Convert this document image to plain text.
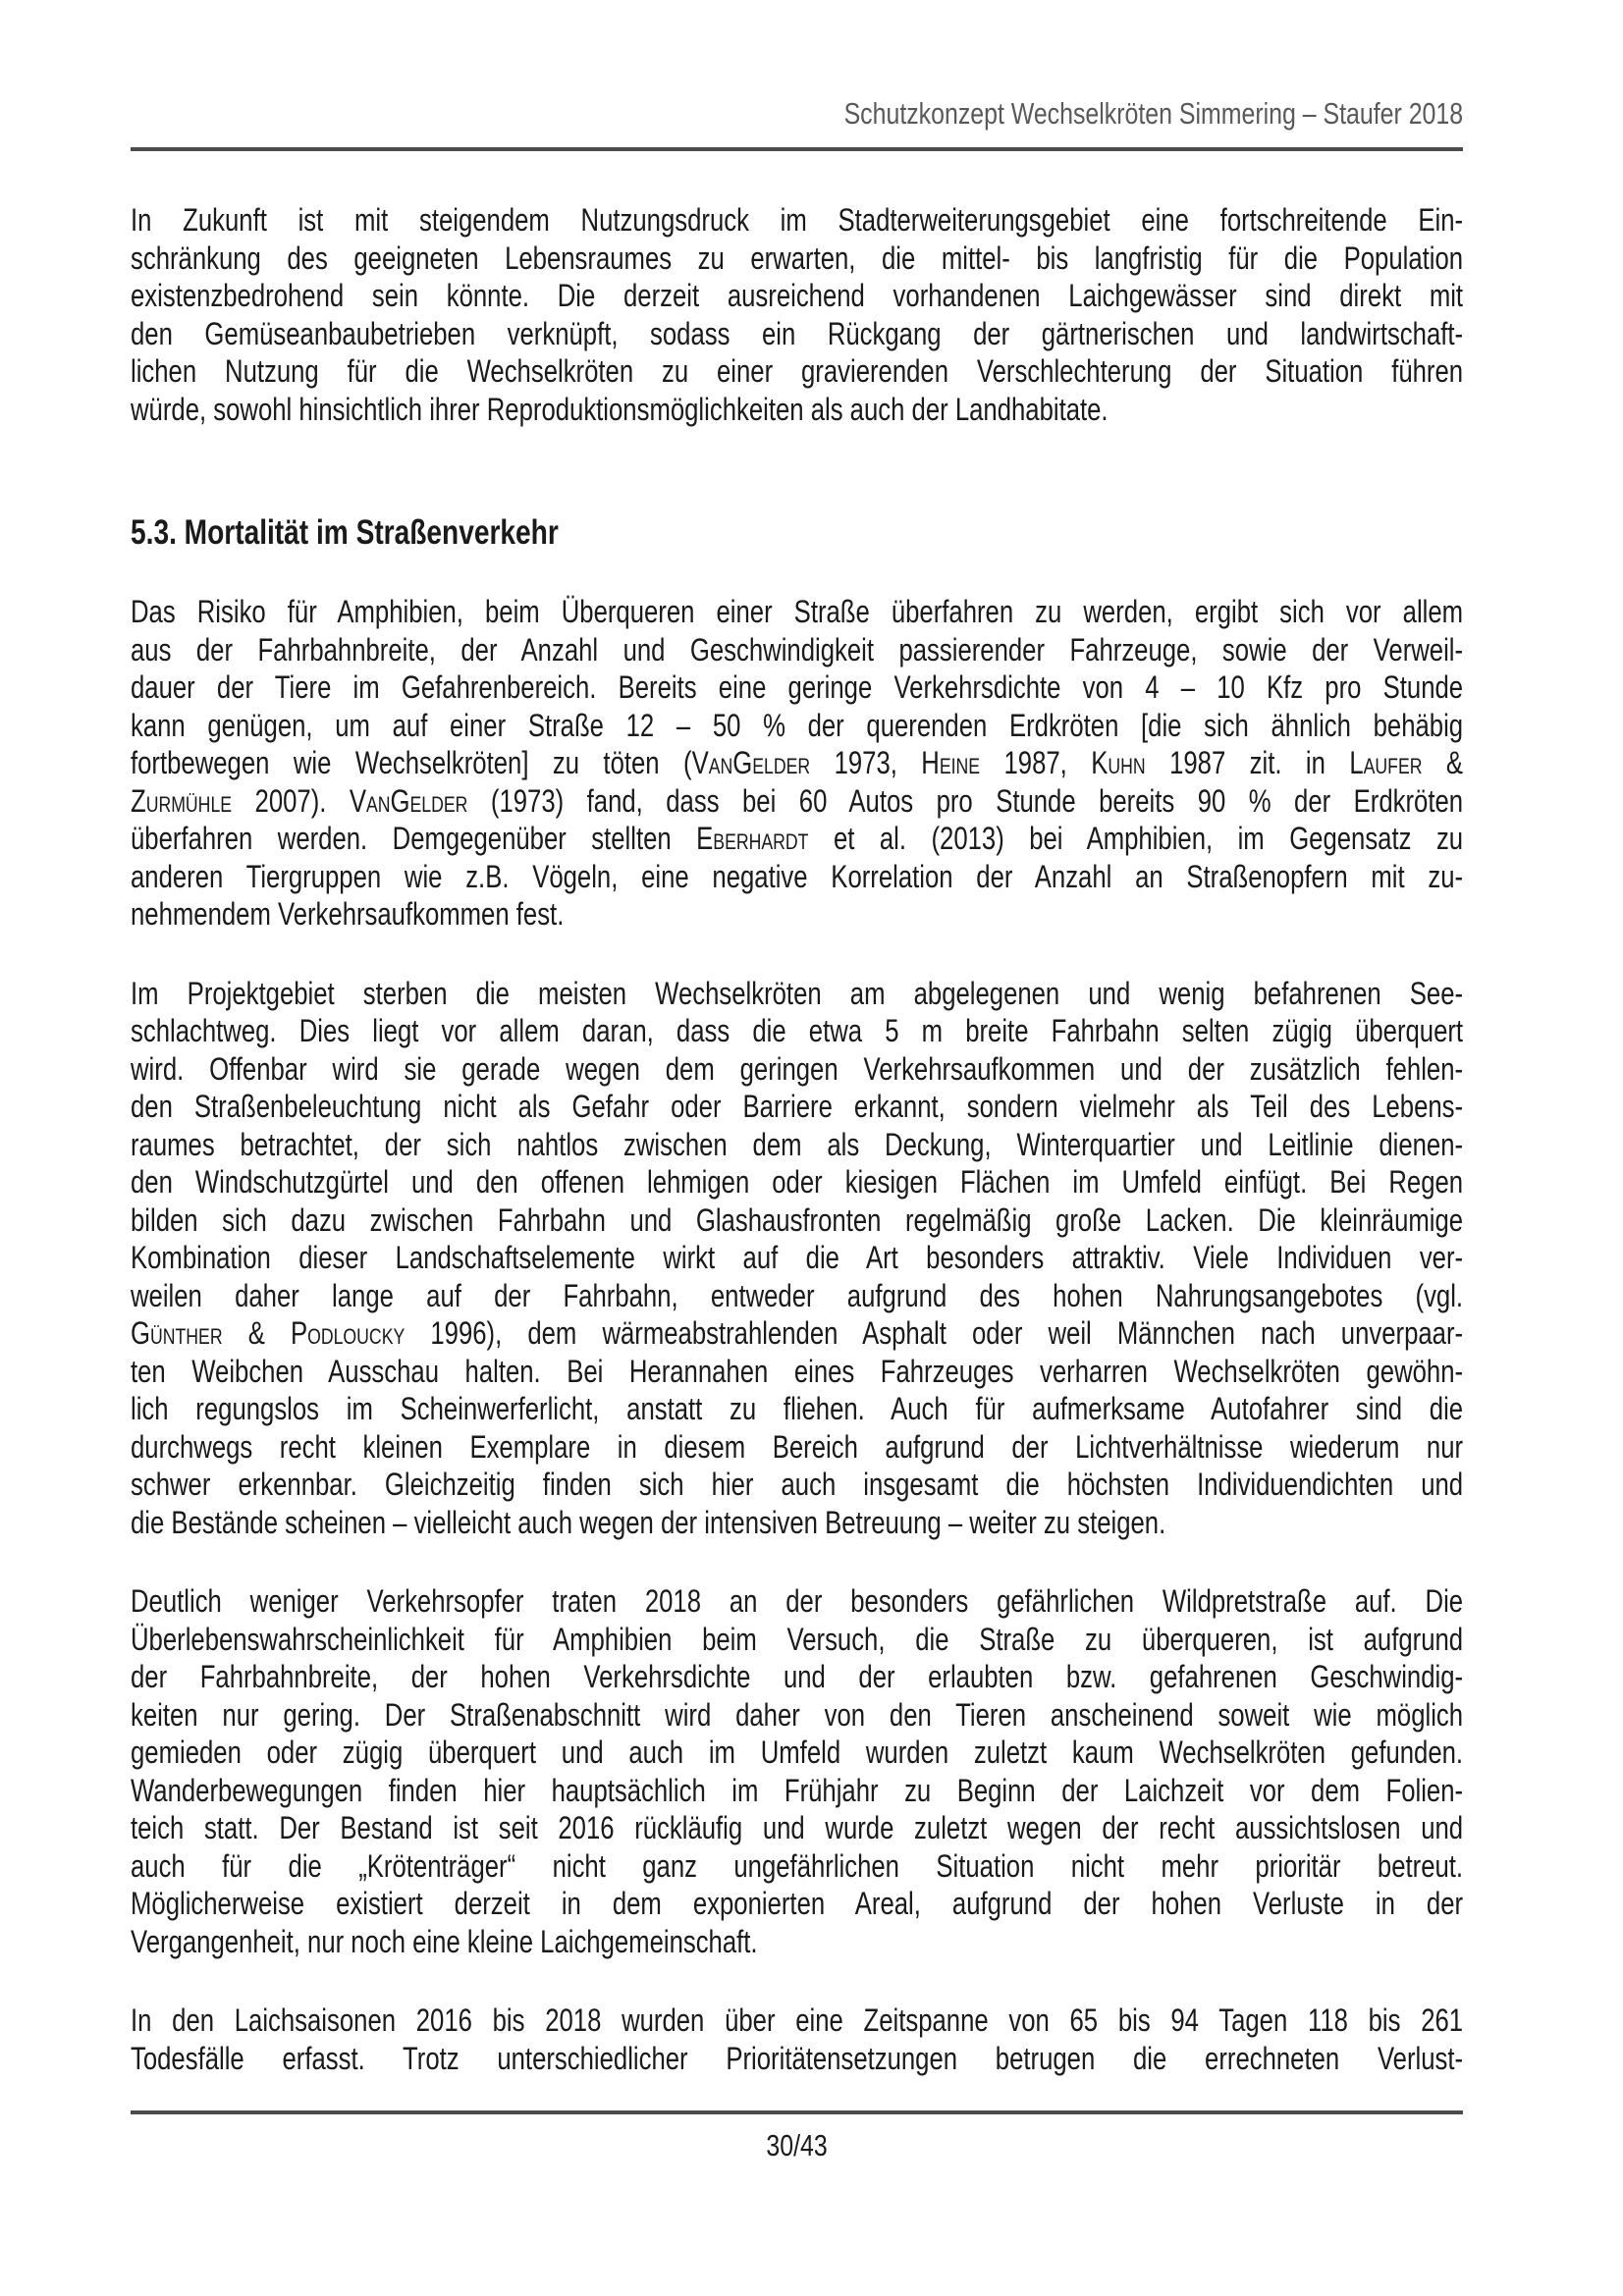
Schutzkonzept Wechselkröten Simmering – Staufer 2018
In Zukunft ist mit steigendem Nutzungsdruck im Stadterweiterungsgebiet eine fortschreitende Ein-
schränkung des geeigneten Lebensraumes zu erwarten, die mittel- bis langfristig für die Population
existenzbedrohend sein könnte. Die derzeit ausreichend vorhandenen Laichgewässer sind direkt mit
den Gemüseanbaubetrieben verknüpft, sodass ein Rückgang der gärtnerischen und landwirtschaft-
lichen Nutzung für die Wechselkröten zu einer gravierenden Verschlechterung der Situation führen
würde, sowohl hinsichtlich ihrer Reproduktionsmöglichkeiten als auch der Landhabitate.
5.3. Mortalität im Straßenverkehr
Das Risiko für Amphibien, beim Überqueren einer Straße überfahren zu werden, ergibt sich vor allem
aus der Fahrbahnbreite, der Anzahl und Geschwindigkeit passierender Fahrzeuge, sowie der Verweil-
dauer der Tiere im Gefahrenbereich. Bereits eine geringe Verkehrsdichte von 4 – 10 Kfz pro Stunde
kann genügen, um auf einer Straße 12 – 50 % der querenden Erdkröten [die sich ähnlich behäbig
fortbewegen wie Wechselkröten] zu töten (VanGelder 1973, Heine 1987, Kuhn 1987 zit. in Laufer &
Zurmühle 2007). VanGelder (1973) fand, dass bei 60 Autos pro Stunde bereits 90 % der Erdkröten
überfahren werden. Demgegenüber stellten Eberhardt et al. (2013) bei Amphibien, im Gegensatz zu
anderen Tiergruppen wie z.B. Vögeln, eine negative Korrelation der Anzahl an Straßenopfern mit zu-
nehmendem Verkehrsaufkommen fest.
Im Projektgebiet sterben die meisten Wechselkröten am abgelegenen und wenig befahrenen See-
schlachtweg. Dies liegt vor allem daran, dass die etwa 5 m breite Fahrbahn selten zügig überquert
wird. Offenbar wird sie gerade wegen dem geringen Verkehrsaufkommen und der zusätzlich fehlen-
den Straßenbeleuchtung nicht als Gefahr oder Barriere erkannt, sondern vielmehr als Teil des Lebens-
raumes betrachtet, der sich nahtlos zwischen dem als Deckung, Winterquartier und Leitlinie dienen-
den Windschutzgürtel und den offenen lehmigen oder kiesigen Flächen im Umfeld einfügt. Bei Regen
bilden sich dazu zwischen Fahrbahn und Glashausfronten regelmäßig große Lacken. Die kleinräumige
Kombination dieser Landschaftselemente wirkt auf die Art besonders attraktiv. Viele Individuen ver-
weilen daher lange auf der Fahrbahn, entweder aufgrund des hohen Nahrungsangebotes (vgl.
Günther & Podloucky 1996), dem wärmeabstrahlenden Asphalt oder weil Männchen nach unverpaar-
ten Weibchen Ausschau halten. Bei Herannahen eines Fahrzeuges verharren Wechselkröten gewöhn-
lich regungslos im Scheinwerferlicht, anstatt zu fliehen. Auch für aufmerksame Autofahrer sind die
durchwegs recht kleinen Exemplare in diesem Bereich aufgrund der Lichtverhältnisse wiederum nur
schwer erkennbar. Gleichzeitig finden sich hier auch insgesamt die höchsten Individuendichten und
die Bestände scheinen – vielleicht auch wegen der intensiven Betreuung – weiter zu steigen.
Deutlich weniger Verkehrsopfer traten 2018 an der besonders gefährlichen Wildpretstraße auf. Die
Überlebenswahrscheinlichkeit für Amphibien beim Versuch, die Straße zu überqueren, ist aufgrund
der Fahrbahnbreite, der hohen Verkehrsdichte und der erlaubten bzw. gefahrenen Geschwindig-
keiten nur gering. Der Straßenabschnitt wird daher von den Tieren anscheinend soweit wie möglich
gemieden oder zügig überquert und auch im Umfeld wurden zuletzt kaum Wechselkröten gefunden.
Wanderbewegungen finden hier hauptsächlich im Frühjahr zu Beginn der Laichzeit vor dem Folien-
teich statt. Der Bestand ist seit 2016 rückläufig und wurde zuletzt wegen der recht aussichtslosen und
auch für die „Krötenträger“ nicht ganz ungefährlichen Situation nicht mehr prioritär betreut.
Möglicherweise existiert derzeit in dem exponierten Areal, aufgrund der hohen Verluste in der
Vergangenheit, nur noch eine kleine Laichgemeinschaft.
In den Laichsaisonen 2016 bis 2018 wurden über eine Zeitspanne von 65 bis 94 Tagen 118 bis 261
Todesfälle erfasst. Trotz unterschiedlicher Prioritätensetzungen betrugen die errechneten Verlust-
30/43
